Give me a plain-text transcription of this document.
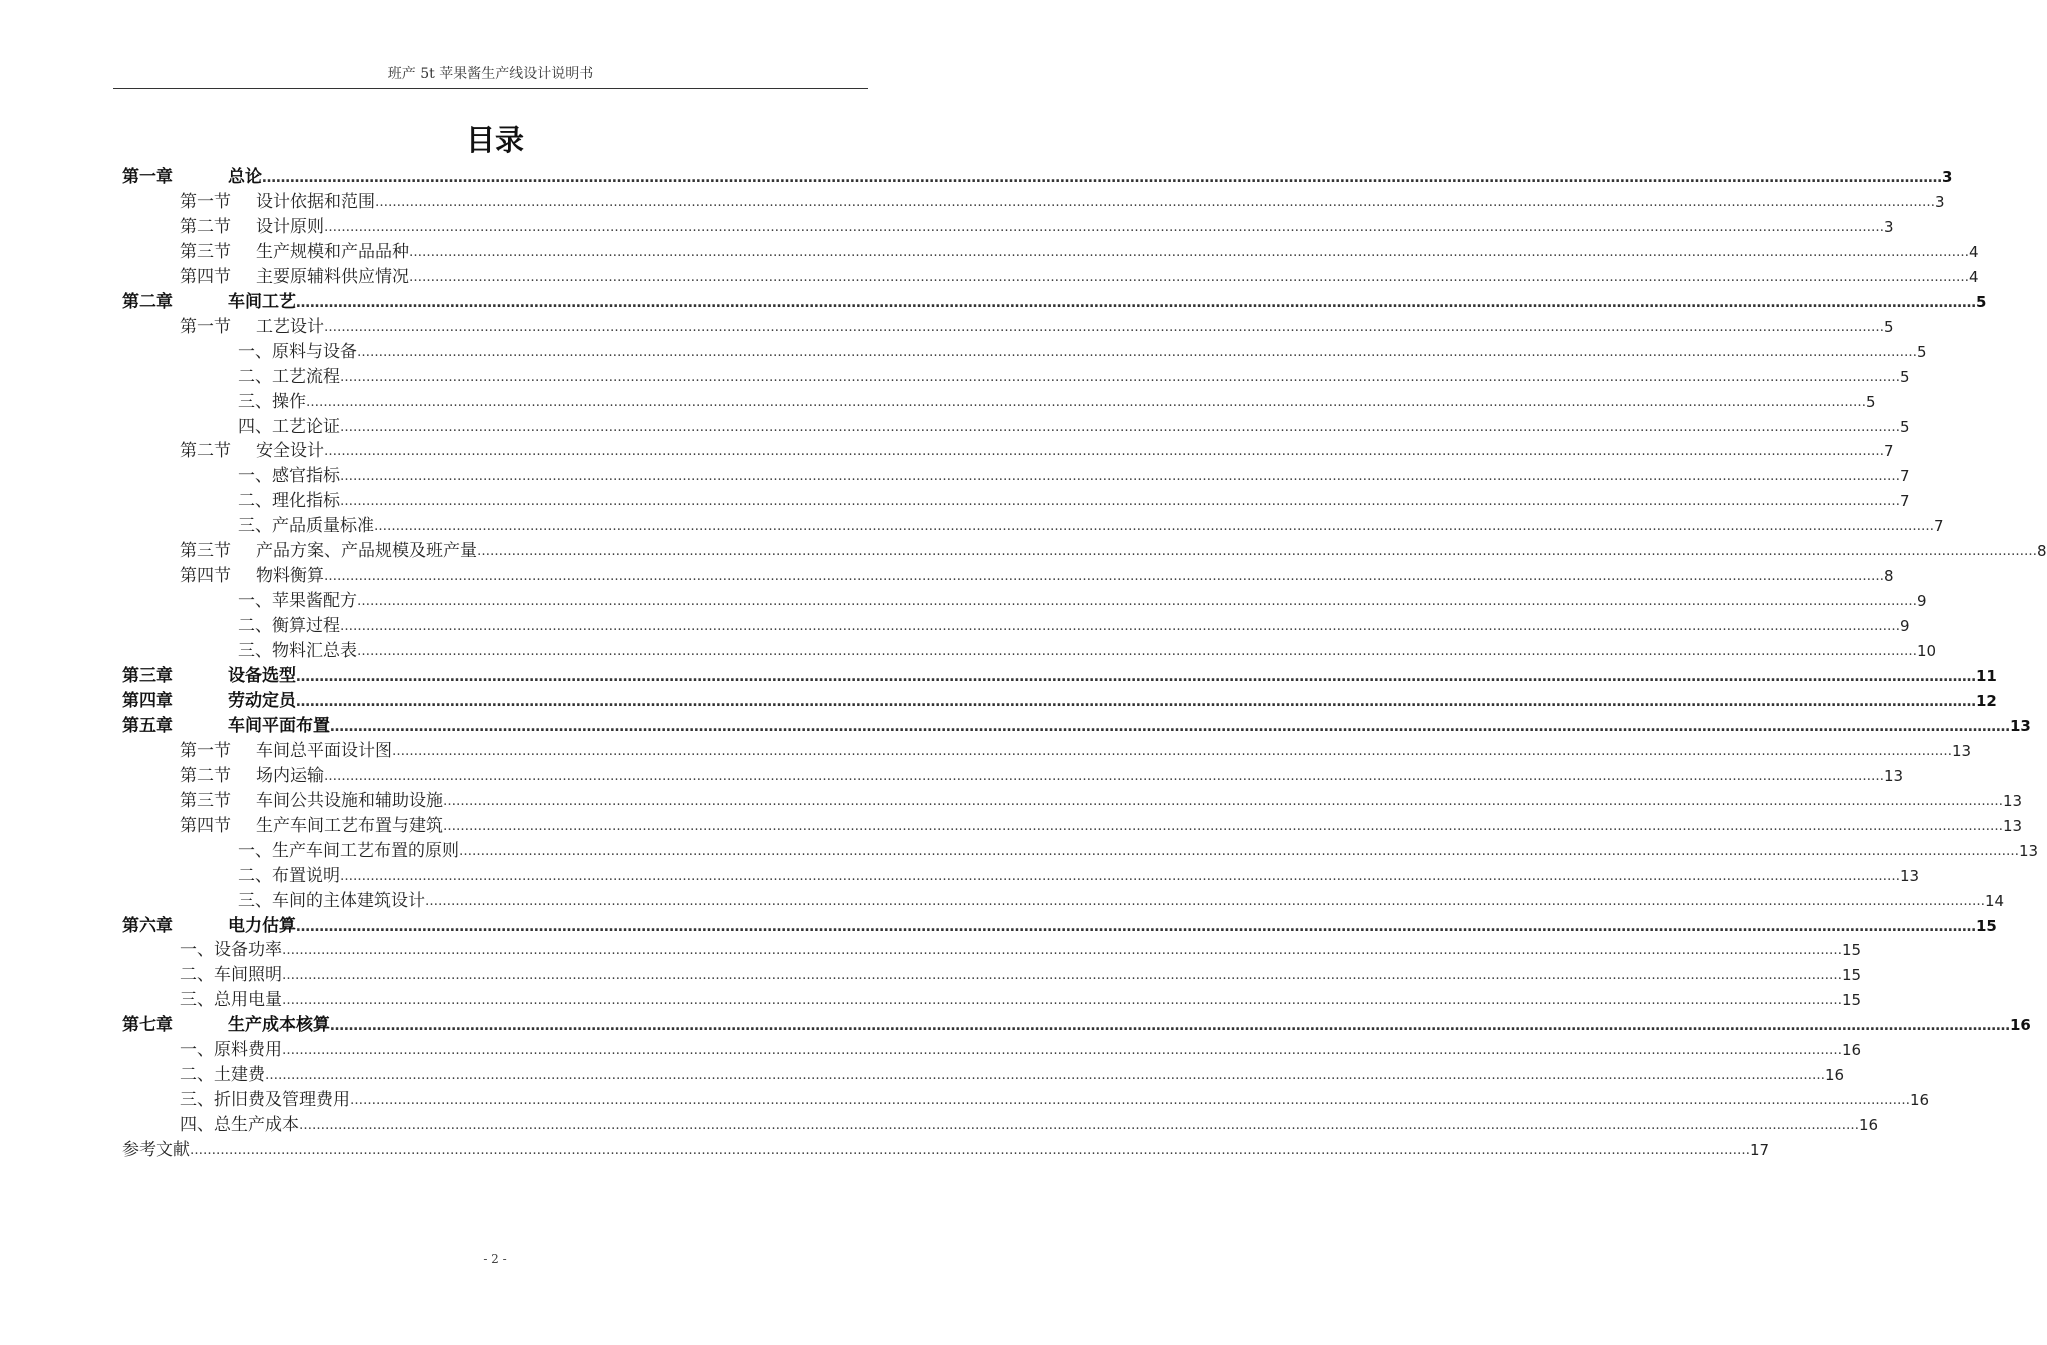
班产 5t 苹果酱生产线设计说明书
目录
第一章	总论 ……………………………………………………………………………………………………………………………………………………………………………………………………………………………………………………………………………………………………………………………… 3
第一节 设计依据和范围 ……………………………………………………………………………………………………………………………………………………………………………………………………………………………………………………………………………………………………………………………… 3
第二节 设计原则 ……………………………………………………………………………………………………………………………………………………………………………………………………………………………………………………………………………………………………………………………… 3
第三节 生产规模和产品品种 ……………………………………………………………………………………………………………………………………………………………………………………………………………………………………………………………………………………………………………………………… 4
第四节 主要原辅料供应情况 ……………………………………………………………………………………………………………………………………………………………………………………………………………………………………………………………………………………………………………………………… 4
第二章	车间工艺 ……………………………………………………………………………………………………………………………………………………………………………………………………………………………………………………………………………………………………………………………… 5
第一节 工艺设计 ……………………………………………………………………………………………………………………………………………………………………………………………………………………………………………………………………………………………………………………………… 5
一、原料与设备 ……………………………………………………………………………………………………………………………………………………………………………………………………………………………………………………………………………………………………………………………… 5
二、工艺流程 ……………………………………………………………………………………………………………………………………………………………………………………………………………………………………………………………………………………………………………………………… 5
三、操作 ……………………………………………………………………………………………………………………………………………………………………………………………………………………………………………………………………………………………………………………………… 5
四、工艺论证 ……………………………………………………………………………………………………………………………………………………………………………………………………………………………………………………………………………………………………………………………… 5
第二节 安全设计 ……………………………………………………………………………………………………………………………………………………………………………………………………………………………………………………………………………………………………………………………… 7
一、感官指标 ……………………………………………………………………………………………………………………………………………………………………………………………………………………………………………………………………………………………………………………………… 7
二、理化指标 ……………………………………………………………………………………………………………………………………………………………………………………………………………………………………………………………………………………………………………………………… 7
三、产品质量标准 ……………………………………………………………………………………………………………………………………………………………………………………………………………………………………………………………………………………………………………………………… 7
第三节 产品方案、产品规模及班产量 ……………………………………………………………………………………………………………………………………………………………………………………………………………………………………………………………………………………………………………………………… 8
第四节 物料衡算 ……………………………………………………………………………………………………………………………………………………………………………………………………………………………………………………………………………………………………………………………… 8
一、苹果酱配方 ……………………………………………………………………………………………………………………………………………………………………………………………………………………………………………………………………………………………………………………………… 9
二、衡算过程 ……………………………………………………………………………………………………………………………………………………………………………………………………………………………………………………………………………………………………………………………… 9
三、物料汇总表 ……………………………………………………………………………………………………………………………………………………………………………………………………………………………………………………………………………………………………………………………… 10
第三章	设备选型 ……………………………………………………………………………………………………………………………………………………………………………………………………………………………………………………………………………………………………………………………… 11
第四章	劳动定员 ……………………………………………………………………………………………………………………………………………………………………………………………………………………………………………………………………………………………………………………………… 12
第五章	车间平面布置 ……………………………………………………………………………………………………………………………………………………………………………………………………………………………………………………………………………………………………………………………… 13
第一节 车间总平面设计图 ……………………………………………………………………………………………………………………………………………………………………………………………………………………………………………………………………………………………………………………………… 13
第二节 场内运输 ……………………………………………………………………………………………………………………………………………………………………………………………………………………………………………………………………………………………………………………………… 13
第三节 车间公共设施和辅助设施 ……………………………………………………………………………………………………………………………………………………………………………………………………………………………………………………………………………………………………………………………… 13
第四节 生产车间工艺布置与建筑 ……………………………………………………………………………………………………………………………………………………………………………………………………………………………………………………………………………………………………………………………… 13
一、生产车间工艺布置的原则 ……………………………………………………………………………………………………………………………………………………………………………………………………………………………………………………………………………………………………………………………… 13
二、布置说明 ……………………………………………………………………………………………………………………………………………………………………………………………………………………………………………………………………………………………………………………………… 13
三、车间的主体建筑设计 ……………………………………………………………………………………………………………………………………………………………………………………………………………………………………………………………………………………………………………………………… 14
第六章	电力估算 ……………………………………………………………………………………………………………………………………………………………………………………………………………………………………………………………………………………………………………………………… 15
一、设备功率 ……………………………………………………………………………………………………………………………………………………………………………………………………………………………………………………………………………………………………………………………… 15
二、车间照明 ……………………………………………………………………………………………………………………………………………………………………………………………………………………………………………………………………………………………………………………………… 15
三、总用电量 ……………………………………………………………………………………………………………………………………………………………………………………………………………………………………………………………………………………………………………………………… 15
第七章	生产成本核算 ……………………………………………………………………………………………………………………………………………………………………………………………………………………………………………………………………………………………………………………………… 16
一、原料费用 ……………………………………………………………………………………………………………………………………………………………………………………………………………………………………………………………………………………………………………………………… 16
二、土建费 ……………………………………………………………………………………………………………………………………………………………………………………………………………………………………………………………………………………………………………………………… 16
三、折旧费及管理费用 ……………………………………………………………………………………………………………………………………………………………………………………………………………………………………………………………………………………………………………………………… 16
四、总生产成本 ……………………………………………………………………………………………………………………………………………………………………………………………………………………………………………………………………………………………………………………………… 16
参考文献 ……………………………………………………………………………………………………………………………………………………………………………………………………………………………………………………………………………………………………………………………… 17
- 2 -
